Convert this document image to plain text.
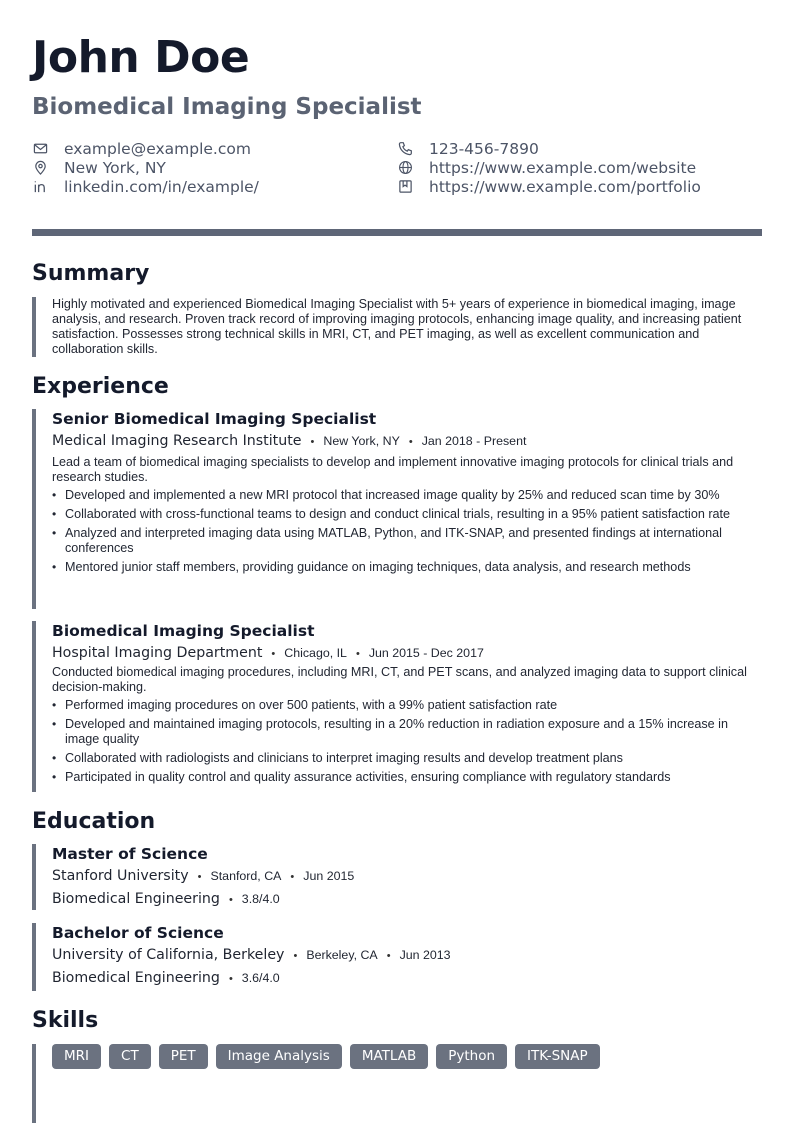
John Doe
Biomedical Imaging Specialist
example@example.com
New York, NY
linkedin.com/in/example/
123-456-7890
https://www.example.com/website
https://www.example.com/portfolio
Summary

Highly motivated and experienced Biomedical Imaging Specialist with 5+ years of experience in biomedical imaging, image analysis, and research. Proven track record of improving imaging protocols, enhancing image quality, and increasing patient satisfaction. Possesses strong technical skills in MRI, CT, and PET imaging, as well as excellent communication and collaboration skills.

Experience

Senior Biomedical Imaging Specialist

Medical Imaging Research Institute • New York, NY • Jan 2018 - Present

Lead a team of biomedical imaging specialists to develop and implement innovative imaging protocols for clinical trials and research studies.

• Developed and implemented a new MRI protocol that increased image quality by 25% and reduced scan time by 30%
• Collaborated with cross-functional teams to design and conduct clinical trials, resulting in a 95% patient satisfaction rate
• Analyzed and interpreted imaging data using MATLAB, Python, and ITK-SNAP, and presented findings at international conferences
• Mentored junior staff members, providing guidance on imaging techniques, data analysis, and research methods

Biomedical Imaging Specialist

Hospital Imaging Department • Chicago, IL • Jun 2015 - Dec 2017

Conducted biomedical imaging procedures, including MRI, CT, and PET scans, and analyzed imaging data to support clinical decision-making.

• Performed imaging procedures on over 500 patients, with a 99% patient satisfaction rate
• Developed and maintained imaging protocols, resulting in a 20% reduction in radiation exposure and a 15% increase in image quality
• Collaborated with radiologists and clinicians to interpret imaging results and develop treatment plans
• Participated in quality control and quality assurance activities, ensuring compliance with regulatory standards
Education

Master of Science

Stanford University • Stanford, CA • Jun 2015
Biomedical Engineering • 3.8/4.0

Bachelor of Science

University of California, Berkeley • Berkeley, CA • Jun 2013
Biomedical Engineering • 3.6/4.0
Skills
MRI	CT	PET	Image Analysis	MATLAB	Python	ITK-SNAP
